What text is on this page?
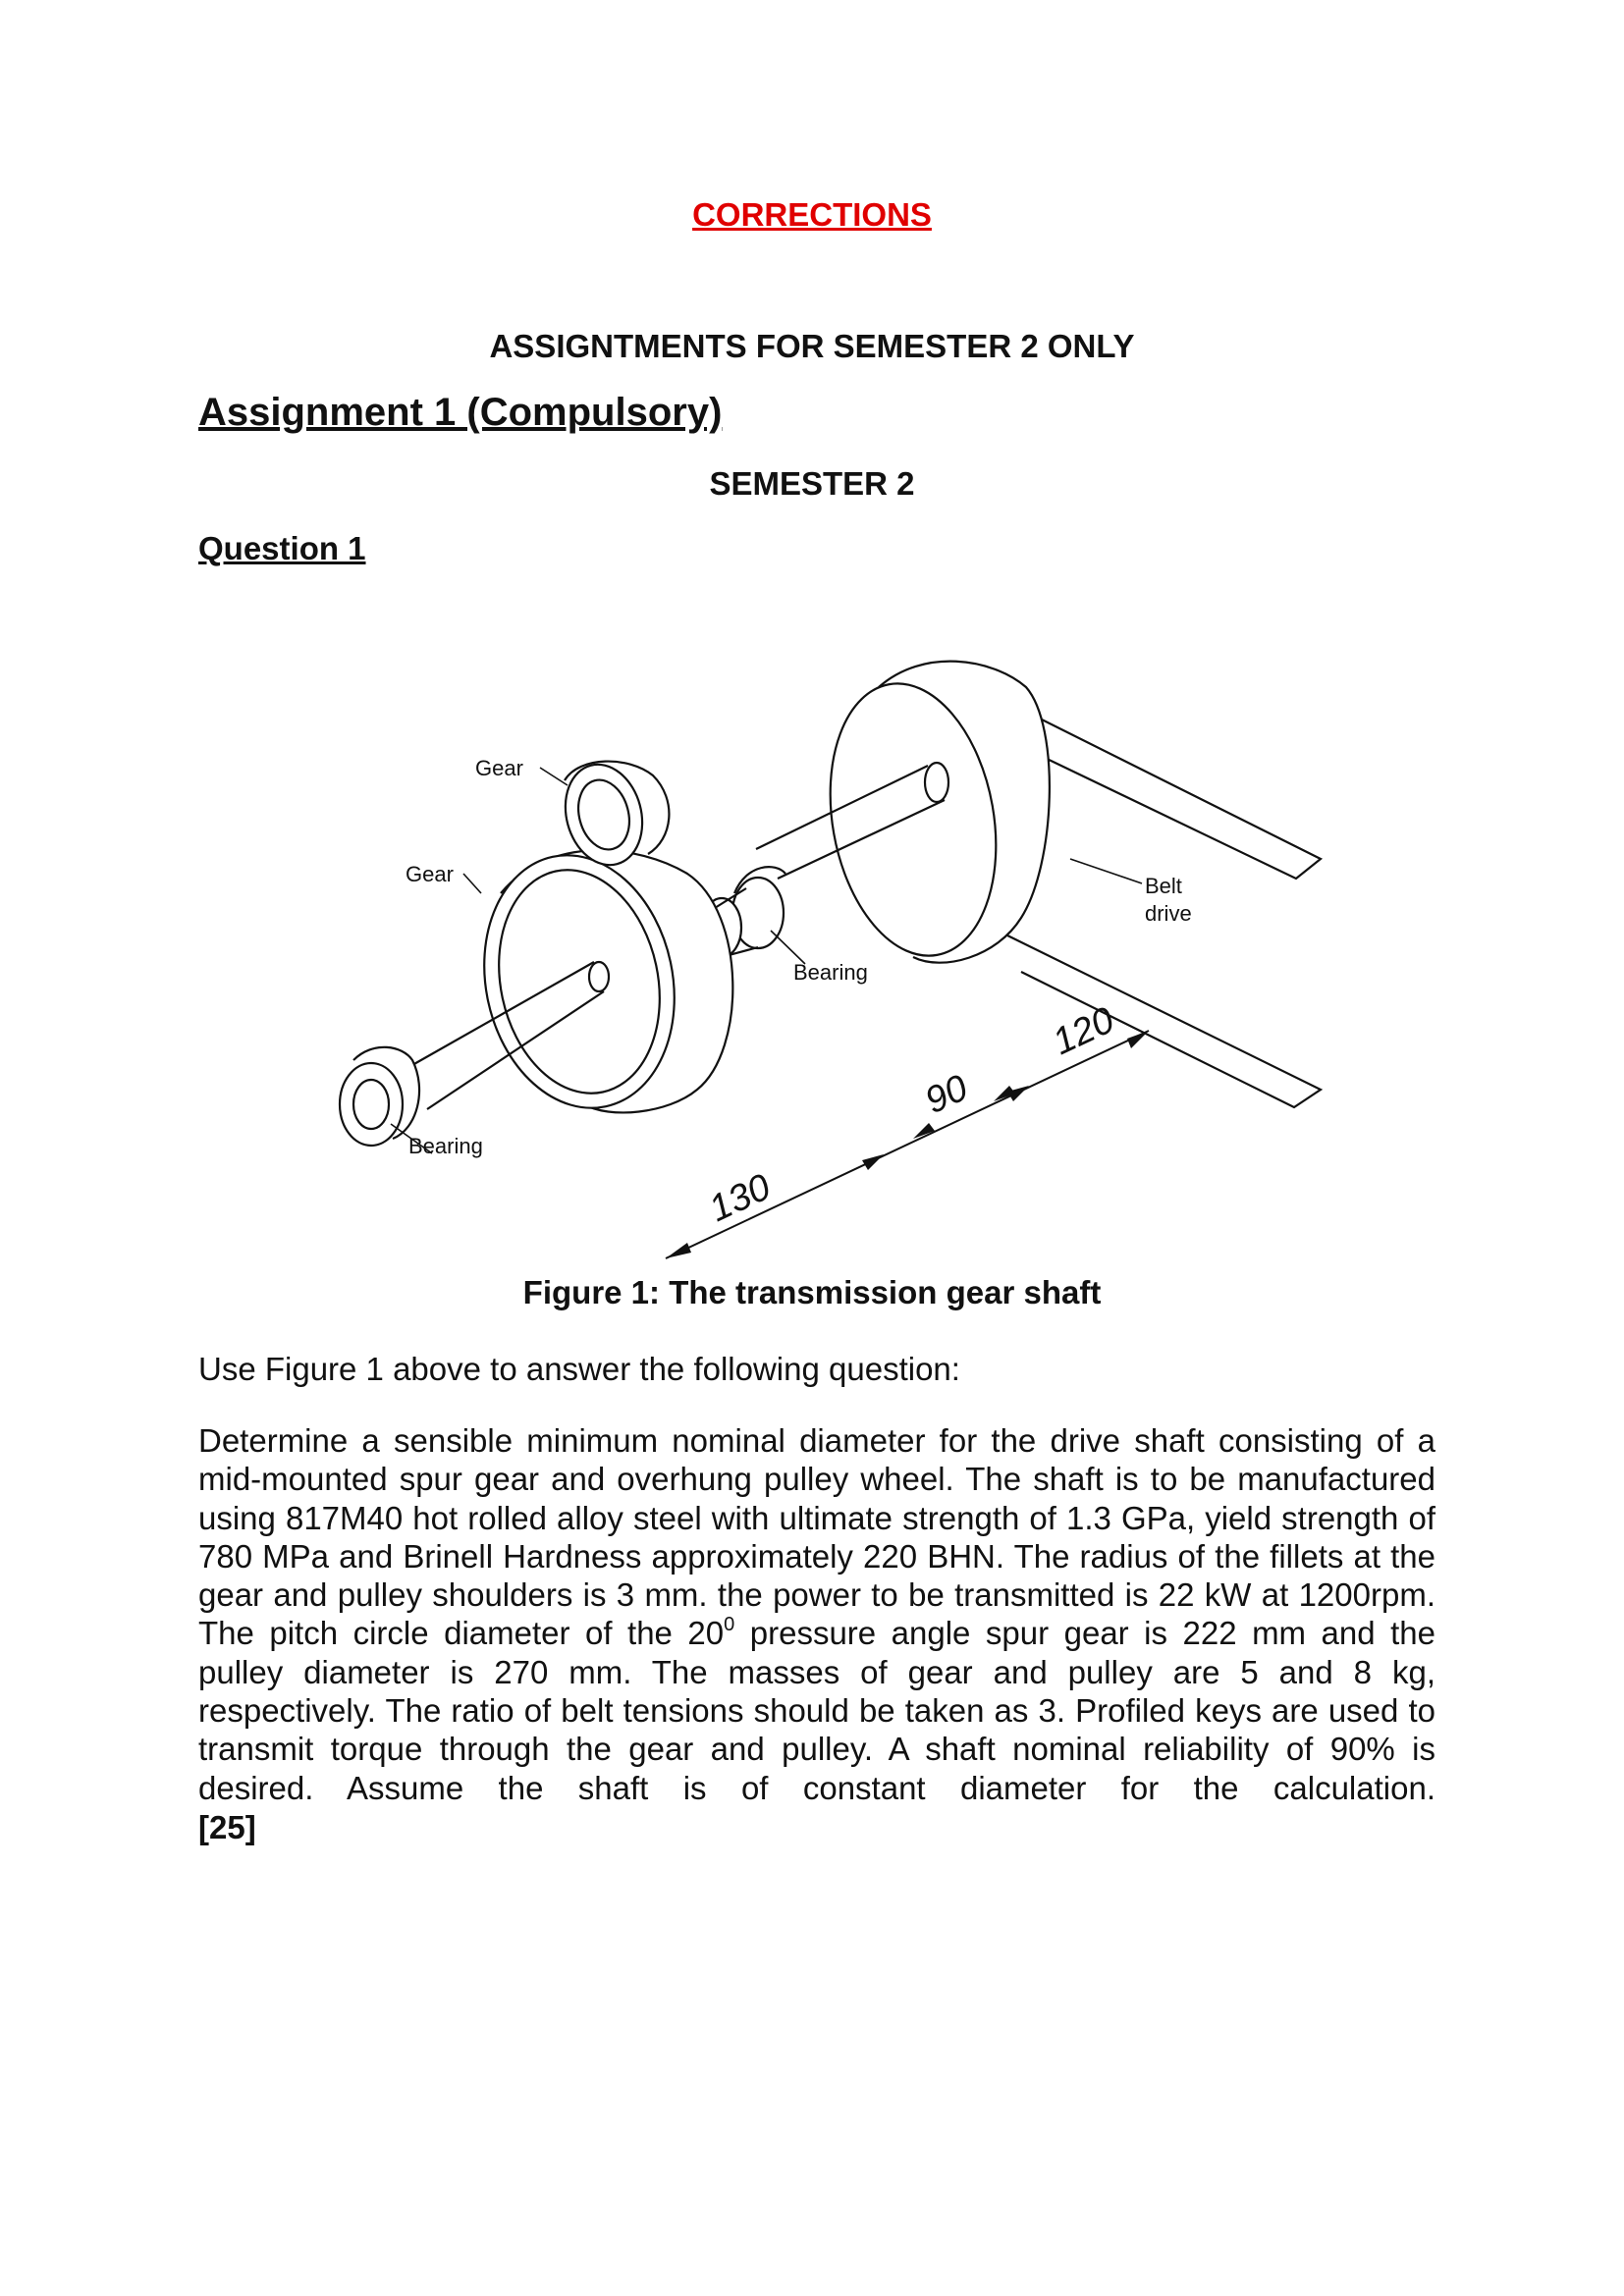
CORRECTIONS
ASSIGNTMENTS FOR SEMESTER 2 ONLY
Assignment 1 (Compulsory)
SEMESTER 2
Question 1
Gear
Gear
Bearing
Bearing
Belt
drive
130
90
120
Figure 1: The transmission gear shaft
Use Figure 1 above to answer the following question:
Determine a sensible minimum nominal diameter for the drive shaft consisting of a mid-mounted spur gear and overhung pulley wheel. The shaft is to be manufactured using 817M40 hot rolled alloy steel with ultimate strength of 1.3 GPa, yield strength of 780 MPa and Brinell Hardness approximately 220 BHN. The radius of the fillets at the gear and pulley shoulders is 3 mm. the power to be transmitted is 22 kW at 1200rpm. The pitch circle diameter of the $20^0$ pressure angle spur gear is 222 mm and the pulley diameter is 270 mm. The masses of gear and pulley are 5 and 8 kg, respectively. The ratio of belt tensions should be taken as 3. Profiled keys are used to transmit torque through the gear and pulley. A shaft nominal reliability of 90% is desired. Assume the shaft is of constant diameter for the calculation.
[25]
